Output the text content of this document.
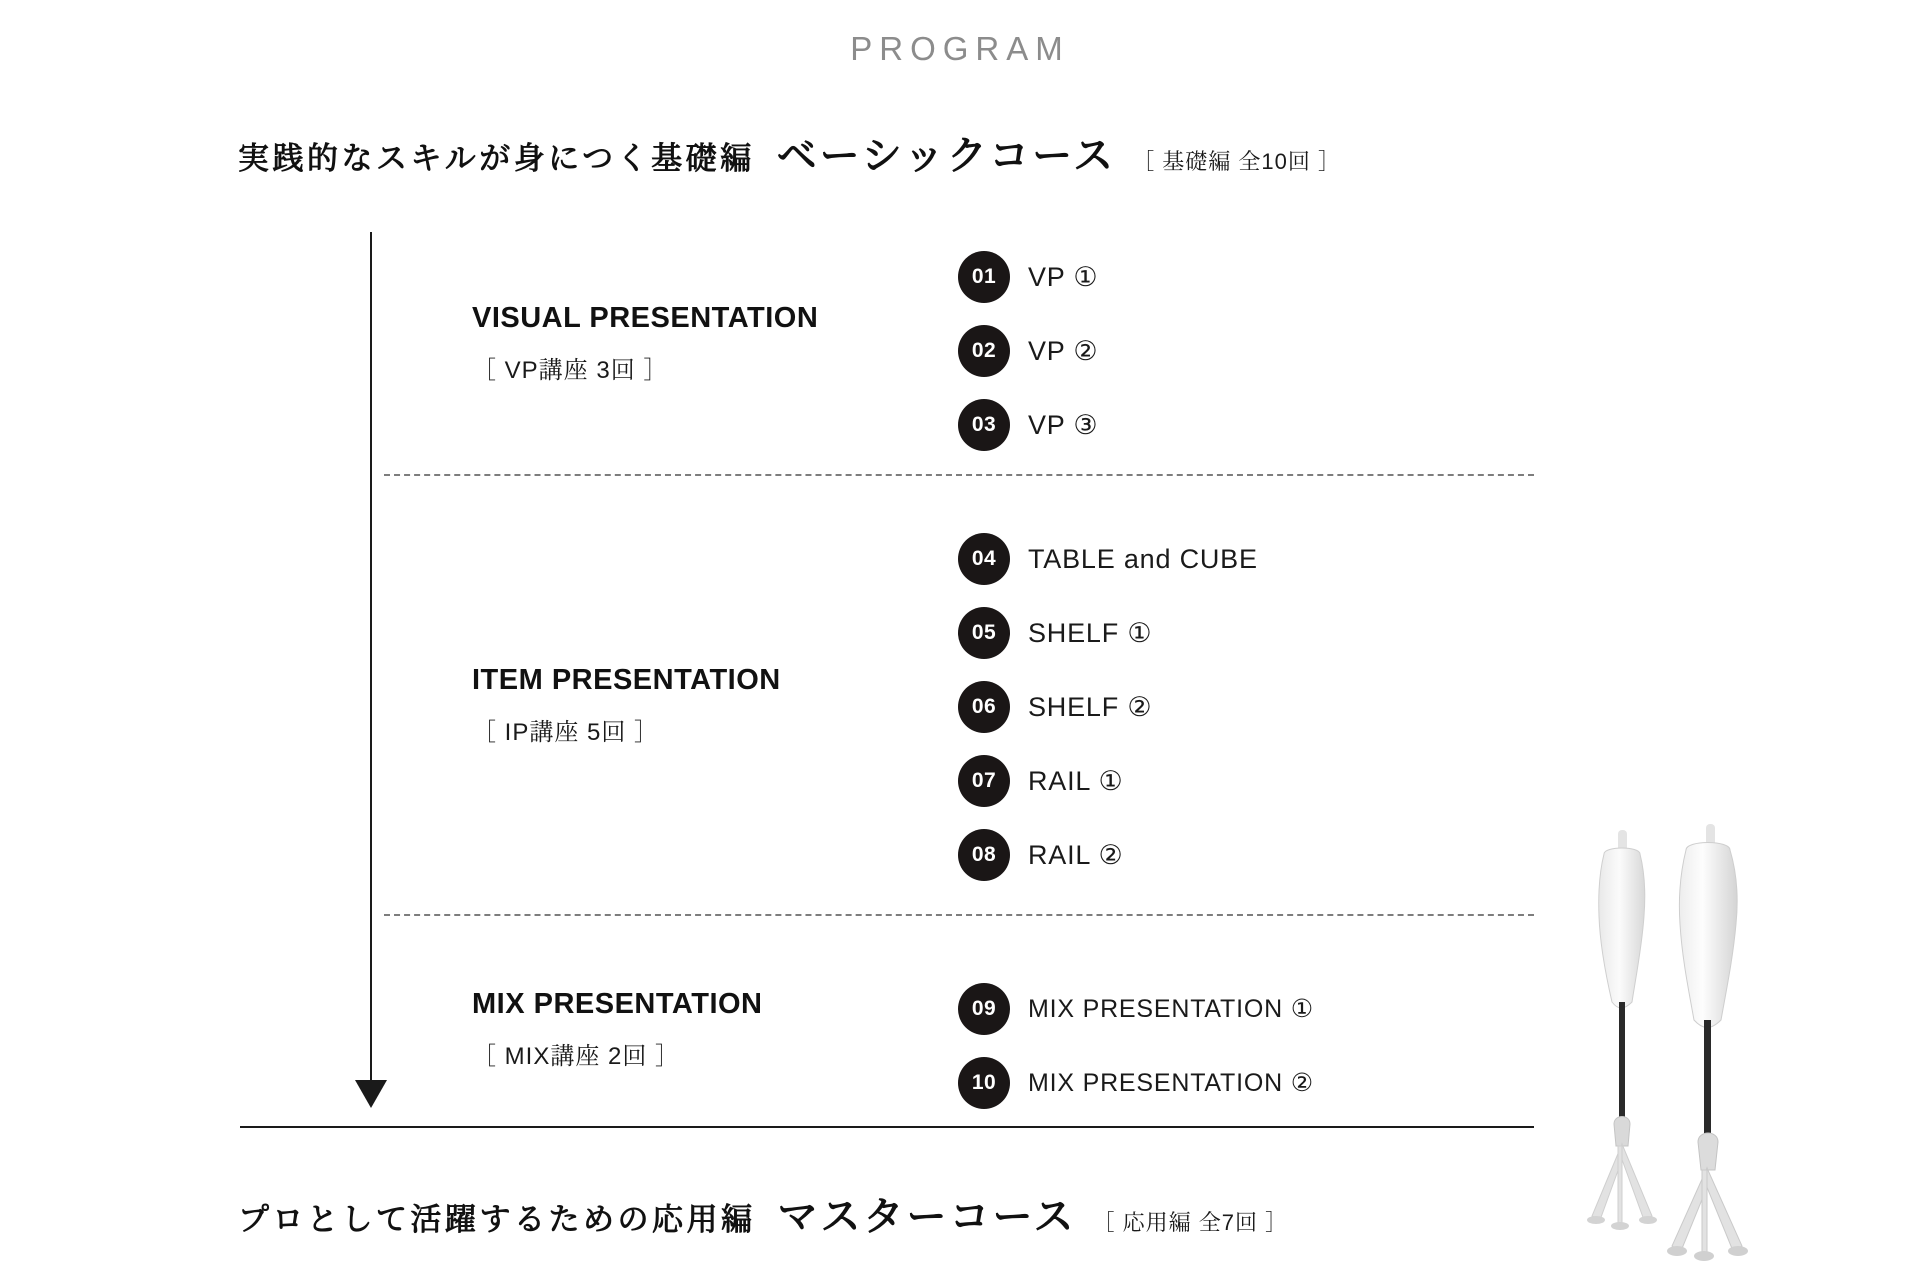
PROGRAM
実践的なスキルが身につく基礎編 ベーシックコース ［ 基礎編 全10回 ］
VISUAL PRESENTATION
［ VP講座 3回 ］
01	VP ①
02	VP ②
03	VP ③
ITEM PRESENTATION
［ IP講座 5回 ］
04	TABLE and CUBE
05	SHELF ①
06	SHELF ②
07	RAIL ①
08	RAIL ②
MIX PRESENTATION
［ MIX講座 2回 ］
09	MIX PRESENTATION ①
10	MIX PRESENTATION ②
プロとして活躍するための応用編 マスターコース ［ 応用編 全7回 ］
